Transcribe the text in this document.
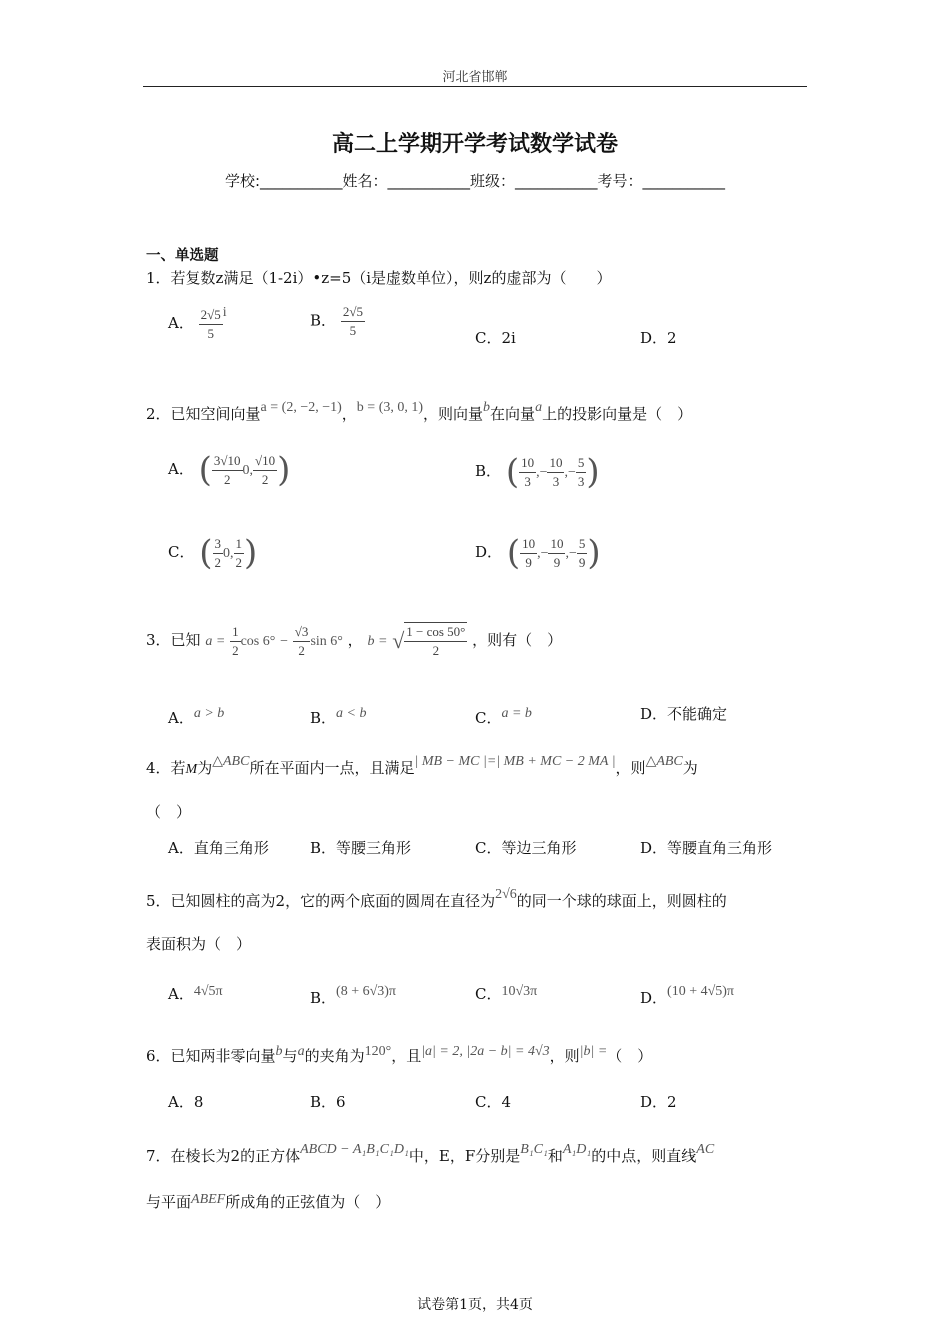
河北省邯郸
高二上学期开学考试数学试卷
学校:___________姓名：___________班级：___________考号：___________
一、单选题
1．若复数z满足（1-2i）•z=5（i是虚数单位），则z的虚部为（　　）
A． $\frac{2√5}{5}$ i	B． $\frac{2√5}{5}$	C．2i	D．2
2．已知空间向量a = (2, −2, −1)，b = (3, 0, 1)，则向量b在向量a上的投影向量是（　）
A． ( $\frac{3√10}{2} 0$, $\frac{√10}{2}$ )	B． ( $\frac{10}{3}$ ,− $\frac{10}{3}$ ,− $\frac{5}{3}$ )
C． ( $\frac{3}{2} 0$, $\frac{1}{2}$ )	D． ( $\frac{10}{9}$ ,− $\frac{10}{9}$ ,− $\frac{5}{9}$ )
3．已知 $a = \frac{1}{2}$ $\cos 6^\circ - \frac{√3}{2}$ sin 6° ， b = √ $\frac{1 - \cos 50^\circ}{2}$ ，则有（　）
A．a > b	B．a < b	C．a = b	D．不能确定
4．若M为△ABC所在平面内一点，且满足| MB − MC |=| MB + MC − 2 MA |，则△ABC为
（　）
A．直角三角形	B．等腰三角形	C．等边三角形	D．等腰直角三角形
5．已知圆柱的高为2，它的两个底面的圆周在直径为2√6的同一个球的球面上，则圆柱的
表面积为（　）
A．4√5π	B．(8 + 6√3)π	C．10√3π	D．(10 + 4√5)π
6．已知两非零向量b与a的夹角为120°，且|a| = 2, |2a − b| = 4√3，则|b| =（　）
A．8	B．6	C．4	D．2
7．在棱长为2的正方体ABCD − A₁B₁C₁D₁中，E，F分别是B₁C₁和A₁D₁的中点，则直线AC
与平面ABEF所成角的正弦值为（　）
试卷第1页，共4页
